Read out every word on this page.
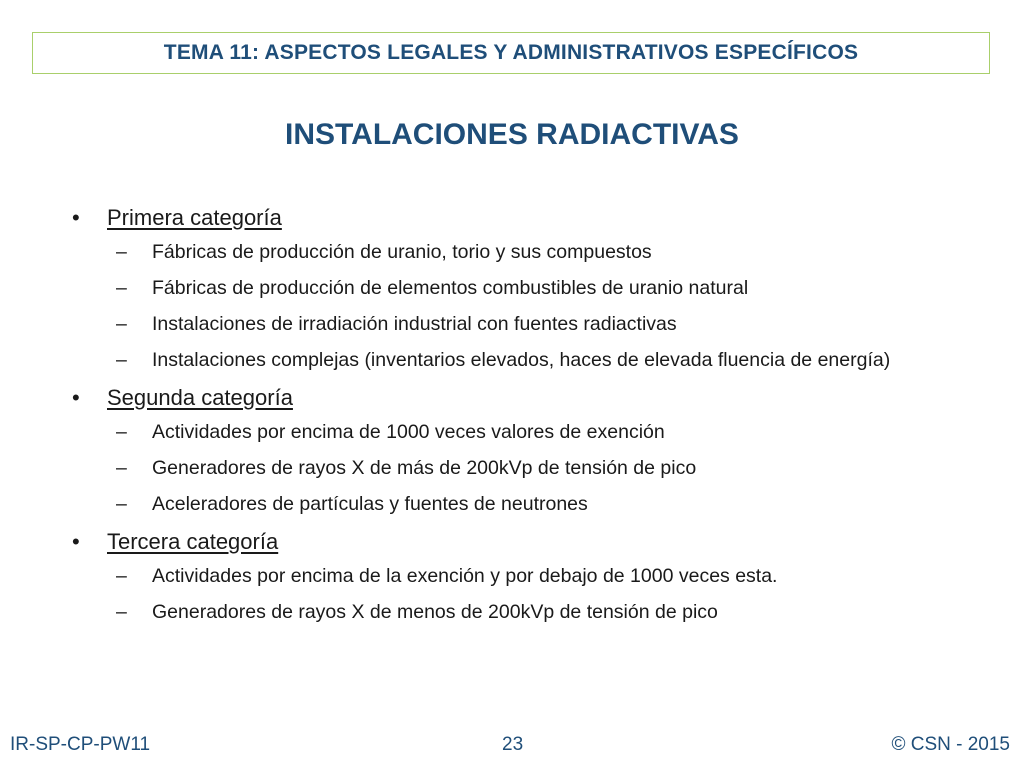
TEMA 11: ASPECTOS LEGALES Y ADMINISTRATIVOS ESPECÍFICOS
INSTALACIONES RADIACTIVAS
•	Primera categoría
–	Fábricas de producción de uranio, torio y sus compuestos
–	Fábricas de producción de elementos combustibles de uranio natural
–	Instalaciones de irradiación industrial con fuentes radiactivas
–	Instalaciones complejas (inventarios elevados, haces de elevada fluencia de energía)
•	Segunda categoría
–	Actividades por encima de 1000 veces valores de exención
–	Generadores de rayos X de más de 200kVp de tensión de pico
–	Aceleradores de partículas y fuentes de neutrones
•	Tercera categoría
–	Actividades por encima de la exención y por debajo de 1000 veces esta.
–	Generadores de rayos X de menos de 200kVp de tensión de pico
IR-SP-CP-PW11	23	© CSN - 2015
